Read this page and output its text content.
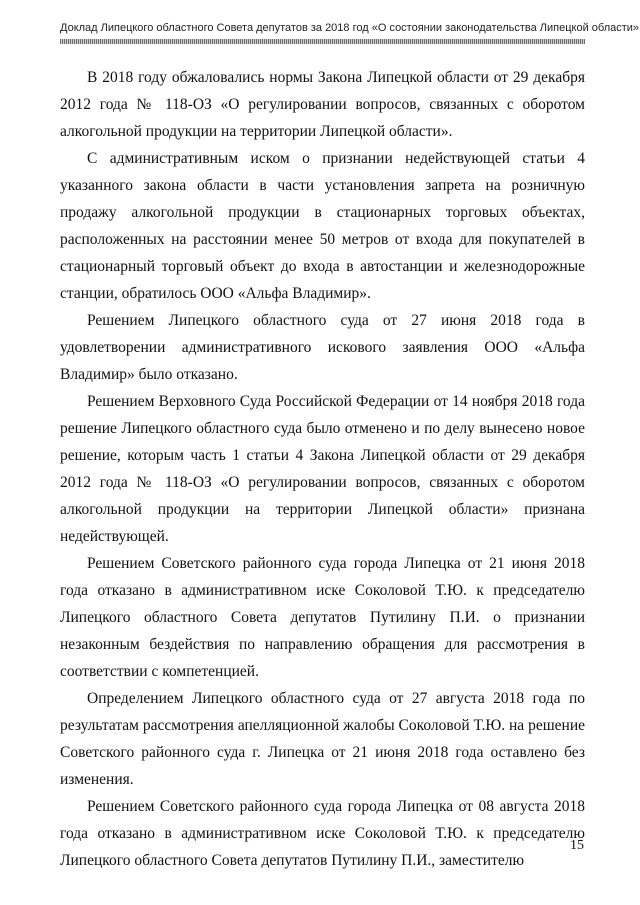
Доклад Липецкого областного Совета депутатов за 2018 год «О состоянии законодательства Липецкой области»

В 2018 году обжаловались нормы Закона Липецкой области от 29 декабря 2012 года № 118-ОЗ «О регулировании вопросов, связанных с оборотом алкогольной продукции на территории Липецкой области».

С административным иском о признании недействующей статьи 4 указанного закона области в части установления запрета на розничную продажу алкогольной продукции в стационарных торговых объектах, расположенных на расстоянии менее 50 метров от входа для покупателей в стационарный торговый объект до входа в автостанции и железнодорожные станции, обратилось ООО «Альфа Владимир».

Решением Липецкого областного суда от 27 июня 2018 года в удовлетворении административного искового заявления ООО «Альфа Владимир» было отказано.

Решением Верховного Суда Российской Федерации от 14 ноября 2018 года решение Липецкого областного суда было отменено и по делу вынесено новое решение, которым часть 1 статьи 4 Закона Липецкой области от 29 декабря 2012 года № 118-ОЗ «О регулировании вопросов, связанных с оборотом алкогольной продукции на территории Липецкой области» признана недействующей.

Решением Советского районного суда города Липецка от 21 июня 2018 года отказано в административном иске Соколовой Т.Ю. к председателю Липецкого областного Совета депутатов Путилину П.И. о признании незаконным бездействия по направлению обращения для рассмотрения в соответствии с компетенцией.

Определением Липецкого областного суда от 27 августа 2018 года по результатам рассмотрения апелляционной жалобы Соколовой Т.Ю. на решение Советского районного суда г. Липецка от 21 июня 2018 года оставлено без изменения.

Решением Советского районного суда города Липецка от 08 августа 2018 года отказано в административном иске Соколовой Т.Ю. к председателю Липецкого областного Совета депутатов Путилину П.И., заместителю

15
